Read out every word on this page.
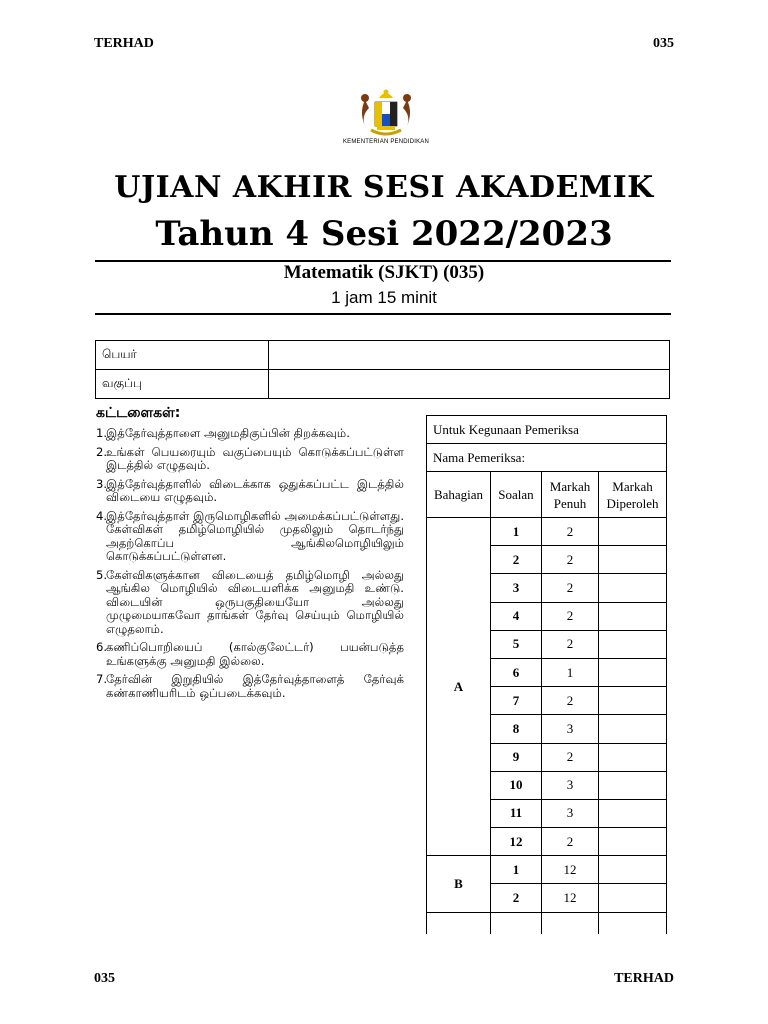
TERHAD	035
KEMENTERIAN PENDIDIKAN
UJIAN AKHIR SESI AKADEMIK
Tahun 4 Sesi 2022/2023
Matematik (SJKT) (035)
1 jam 15 minit
பெயர்	
வகுப்பு	
கட்டளைகள்:
1.
இத்தேர்வுத்தாளை அனுமதிகுப்பின் திறக்கவும்.
2.
உங்கள் பெயரையும் வகுப்பையும் கொடுக்கப்பட்டுள்ள இடத்தில் எழுதவும்.
3.
இத்தேர்வுத்தாளில் விடைக்காக ஒதுக்கப்பட்ட இடத்தில் விடையை எழுதவும்.
4.
இத்தேர்வுத்தாள் இருமொழிகளில் அமைக்கப்பட்டுள்ளது. கேள்விகள் தமிழ்மொழியில் முதலிலும் தொடர்ந்து அதற்கொப்ப ஆங்கிலமொழியிலும் கொடுக்கப்பட்டுள்ளன.
5.
கேள்விகளுக்கான விடையைத் தமிழ்மொழி அல்லது ஆங்கில மொழியில் விடையளிக்க அனுமதி உண்டு. விடையின் ஒருபகுதியையோ அல்லது முழுமையாகவோ தாங்கள் தேர்வு செய்யும் மொழியில் எழுதலாம்.
6.
கணிப்பொறியைப் (கால்குலேட்டர்) பயன்படுத்த உங்களுக்கு அனுமதி இல்லை.
7.
தேர்வின் இறுதியில் இத்தேர்வுத்தாளைத் தேர்வுக் கண்காணியரிடம் ஒப்படைக்கவும்.
Untuk Kegunaan Pemeriksa			
Nama Pemeriksa:			
Bahagian	Soalan	Markah Penuh	Markah Diperoleh
A	1	2	
	2	2	
	3	2	
	4	2	
	5	2	
	6	1	
	7	2	
	8	3	
	9	2	
	10	3	
	11	3	
	12	2	
B	1	12	
	2	12	

035	TERHAD
